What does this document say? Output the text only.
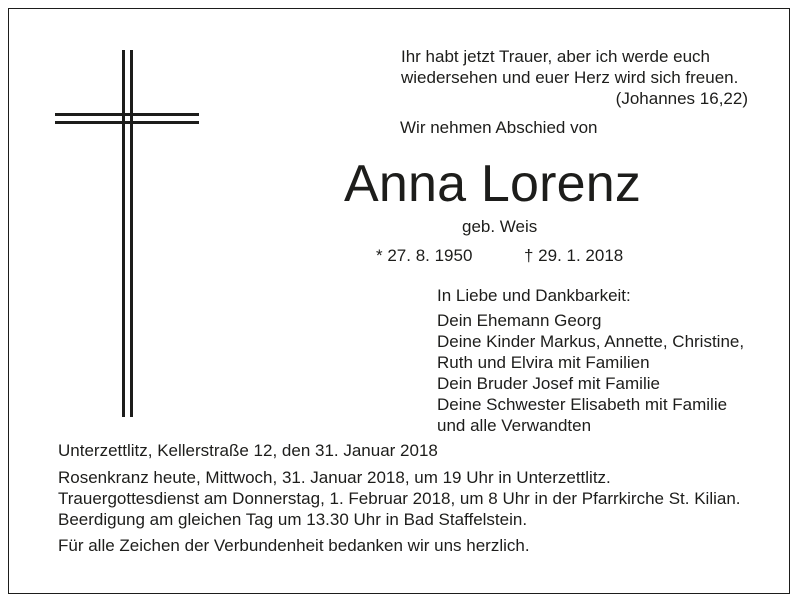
Ihr habt jetzt Trauer, aber ich werde euch
wiedersehen und euer Herz wird sich freuen.
(Johannes 16,22)
Wir nehmen Abschied von
Anna Lorenz
geb. Weis
* 27. 8. 1950	† 29. 1. 2018
In Liebe und Dankbarkeit:
Dein Ehemann Georg
Deine Kinder Markus, Annette, Christine,
Ruth und Elvira mit Familien
Dein Bruder Josef mit Familie
Deine Schwester Elisabeth mit Familie
und alle Verwandten
Unterzettlitz, Kellerstraße 12, den 31. Januar 2018
Rosenkranz heute, Mittwoch, 31. Januar 2018, um 19 Uhr in Unterzettlitz.
Trauergottesdienst am Donnerstag, 1. Februar 2018, um 8 Uhr in der Pfarrkirche St. Kilian.
Beerdigung am gleichen Tag um 13.30 Uhr in Bad Staffelstein.
Für alle Zeichen der Verbundenheit bedanken wir uns herzlich.
